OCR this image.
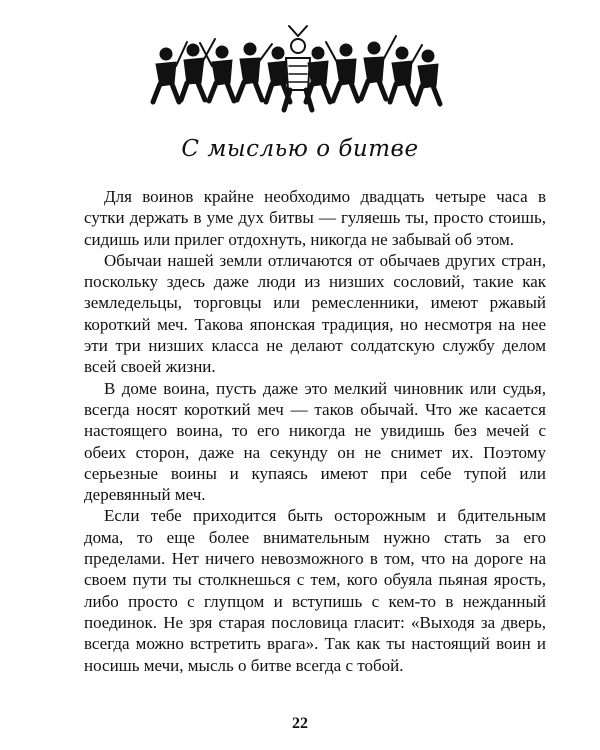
С мыслью о битве

Для воинов крайне необходимо двадцать четыре часа в сутки держать в уме дух битвы — гуляешь ты, просто стоишь, сидишь или прилег отдохнуть, никогда не забывай об этом.

Обычаи нашей земли отличаются от обычаев других стран, поскольку здесь даже люди из низших сословий, такие как земледельцы, торговцы или ремесленники, имеют ржавый короткий меч. Такова японская традиция, но несмотря на нее эти три низших класса не делают солдатскую службу делом всей своей жизни.

В доме воина, пусть даже это мелкий чиновник или судья, всегда носят короткий меч — таков обычай. Что же касается настоящего воина, то его никогда не увидишь без мечей с обеих сторон, даже на секунду он не снимет их. Поэтому серьезные воины и купаясь имеют при себе тупой или деревянный меч.

Если тебе приходится быть осторожным и бдительным дома, то еще более внимательным нужно стать за его пределами. Нет ничего невозможного в том, что на дороге на своем пути ты столкнешься с тем, кого обуяла пьяная ярость, либо просто с глупцом и вступишь с кем-то в нежданный поединок. Не зря старая пословица гласит: «Выходя за дверь, всегда можно встретить врага». Так как ты настоящий воин и носишь мечи, мысль о битве всегда с тобой.

22
